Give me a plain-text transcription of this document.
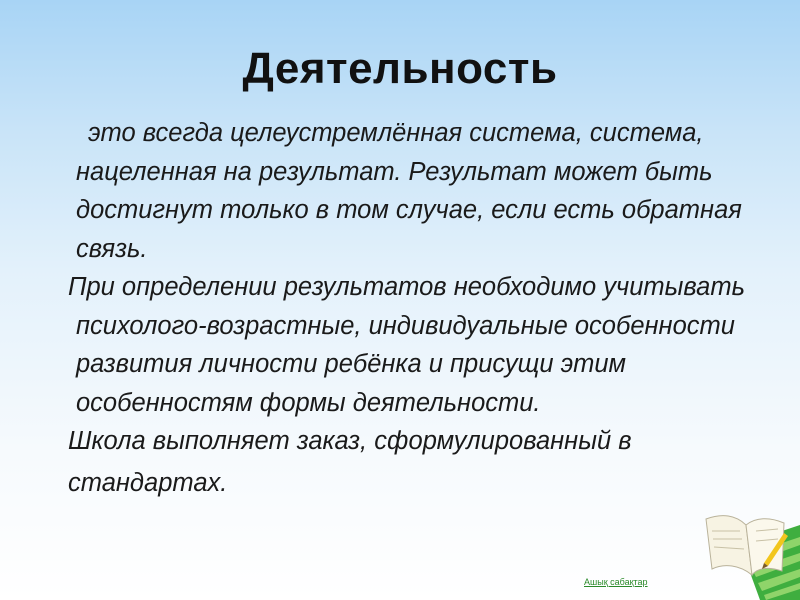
Деятельность

это всегда целеустремлённая система, система, нацеленная на результат. Результат может быть достигнут только в том случае, если есть обратная связь.

При определении результатов необходимо учитывать психолого-возрастные, индивидуальные особенности развития личности ребёнка и присущи этим особенностям формы деятельности.

Школа выполняет заказ, сформулированный в
стандартах.

Ашық сабақтар
